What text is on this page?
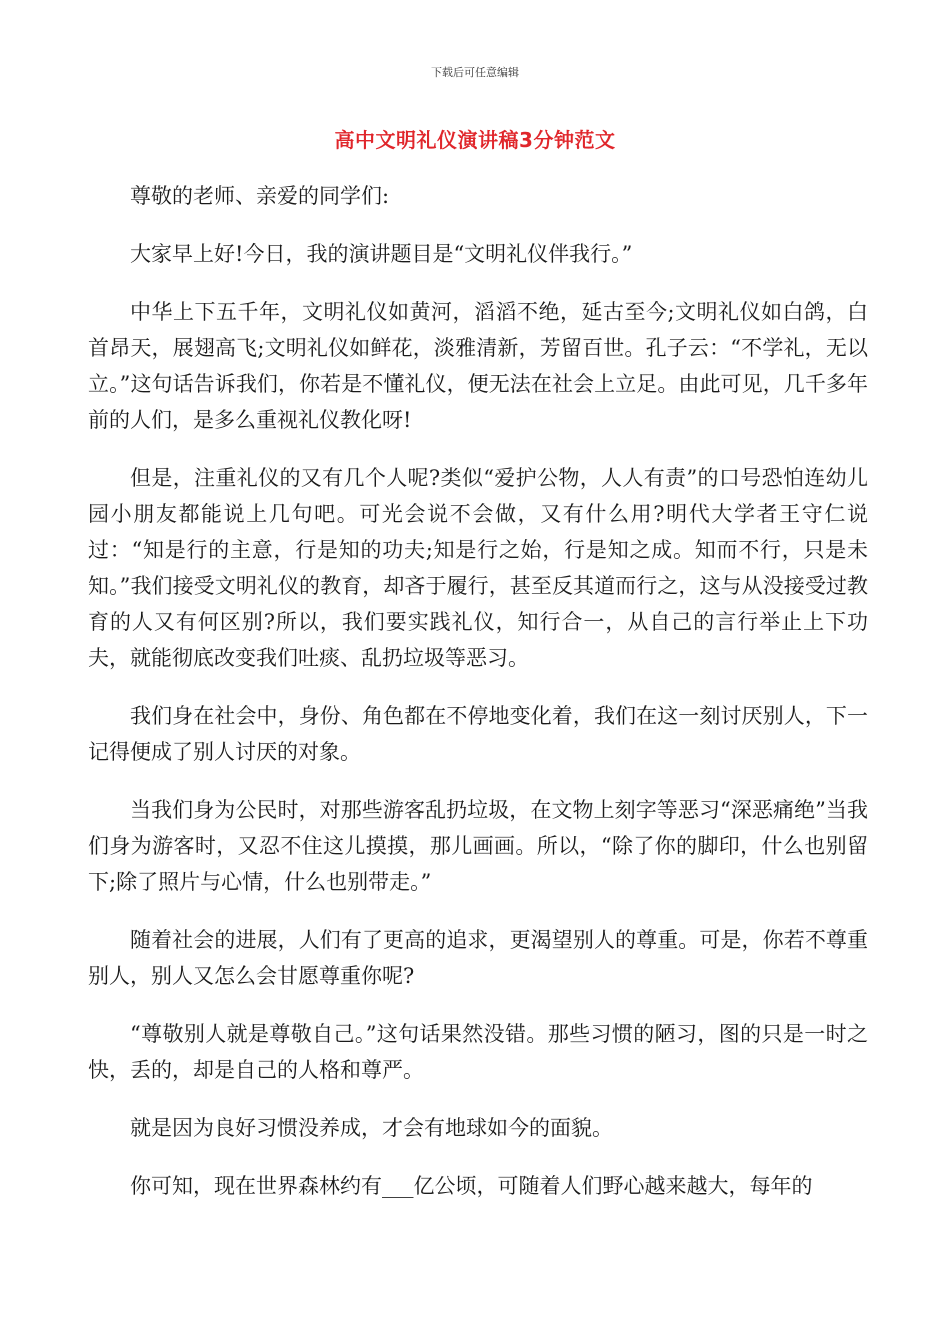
下载后可任意编辑
高中文明礼仪演讲稿3分钟范文

尊敬的老师、亲爱的同学们:

大家早上好!今日，我的演讲题目是“文明礼仪伴我行。”

中华上下五千年，文明礼仪如黄河，滔滔不绝，延古至今;文明礼仪如白鸽，白首昂天，展翅高飞;文明礼仪如鲜花，淡雅清新，芳留百世。孔子云：“不学礼，无以立。”这句话告诉我们，你若是不懂礼仪，便无法在社会上立足。由此可见，几千多年前的人们，是多么重视礼仪教化呀!

但是，注重礼仪的又有几个人呢?类似“爱护公物，人人有责”的口号恐怕连幼儿园小朋友都能说上几句吧。可光会说不会做，又有什么用?明代大学者王守仁说过：“知是行的主意，行是知的功夫;知是行之始，行是知之成。知而不行，只是未知。”我们接受文明礼仪的教育，却吝于履行，甚至反其道而行之，这与从没接受过教育的人又有何区别?所以，我们要实践礼仪，知行合一，从自己的言行举止上下功夫，就能彻底改变我们吐痰、乱扔垃圾等恶习。

我们身在社会中，身份、角色都在不停地变化着，我们在这一刻讨厌别人，下一记得便成了别人讨厌的对象。

当我们身为公民时，对那些游客乱扔垃圾，在文物上刻字等恶习“深恶痛绝”当我们身为游客时，又忍不住这儿摸摸，那儿画画。所以，“除了你的脚印，什么也别留下;除了照片与心情，什么也别带走。”

随着社会的进展，人们有了更高的追求，更渴望别人的尊重。可是，你若不尊重别人，别人又怎么会甘愿尊重你呢?

“尊敬别人就是尊敬自己。”这句话果然没错。那些习惯的陋习，图的只是一时之快，丢的，却是自己的人格和尊严。

就是因为良好习惯没养成，才会有地球如今的面貌。

你可知，现在世界森林约有___亿公顷，可随着人们野心越来越大，每年的
